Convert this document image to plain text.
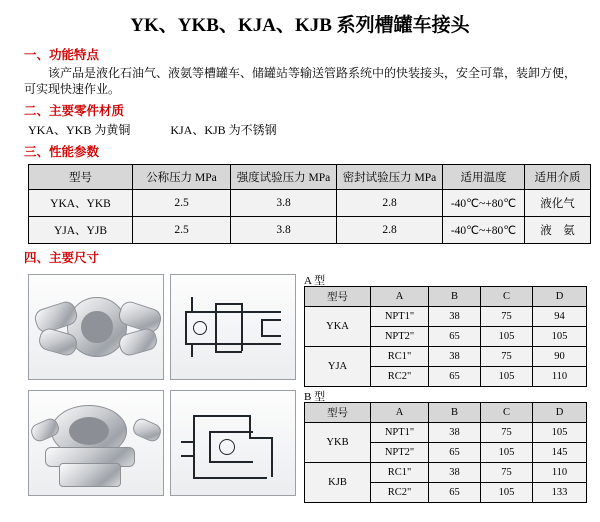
YK、YKB、KJA、KJB 系列槽罐车接头
一、功能特点
该产品是液化石油气、液氨等槽罐车、储罐站等输送管路系统中的快装接头，安全可靠，装卸方便，可实现快速作业。
二、主要零件材质
YKA、YKB 为黄铜	KJA、KJB 为不锈钢
三、性能参数
型号	公称压力 MPa	强度试验压力 MPa	密封试验压力 MPa	适用温度	适用介质
YKA、YKB	2.5	3.8	2.8	-40℃~+80℃	液化气
YJA、YJB	2.5	3.8	2.8	-40℃~+80℃	液　氨
四、主要尺寸
A 型
型号	A	B	C	D
YKA	NPT1"	38	75	94
	NPT2"	65	105	105
YJA	RC1"	38	75	90
	RC2"	65	105	110
B 型
型号	A	B	C	D
YKB	NPT1"	38	75	105
	NPT2"	65	105	145
KJB	RC1"	38	75	110
	RC2"	65	105	133
